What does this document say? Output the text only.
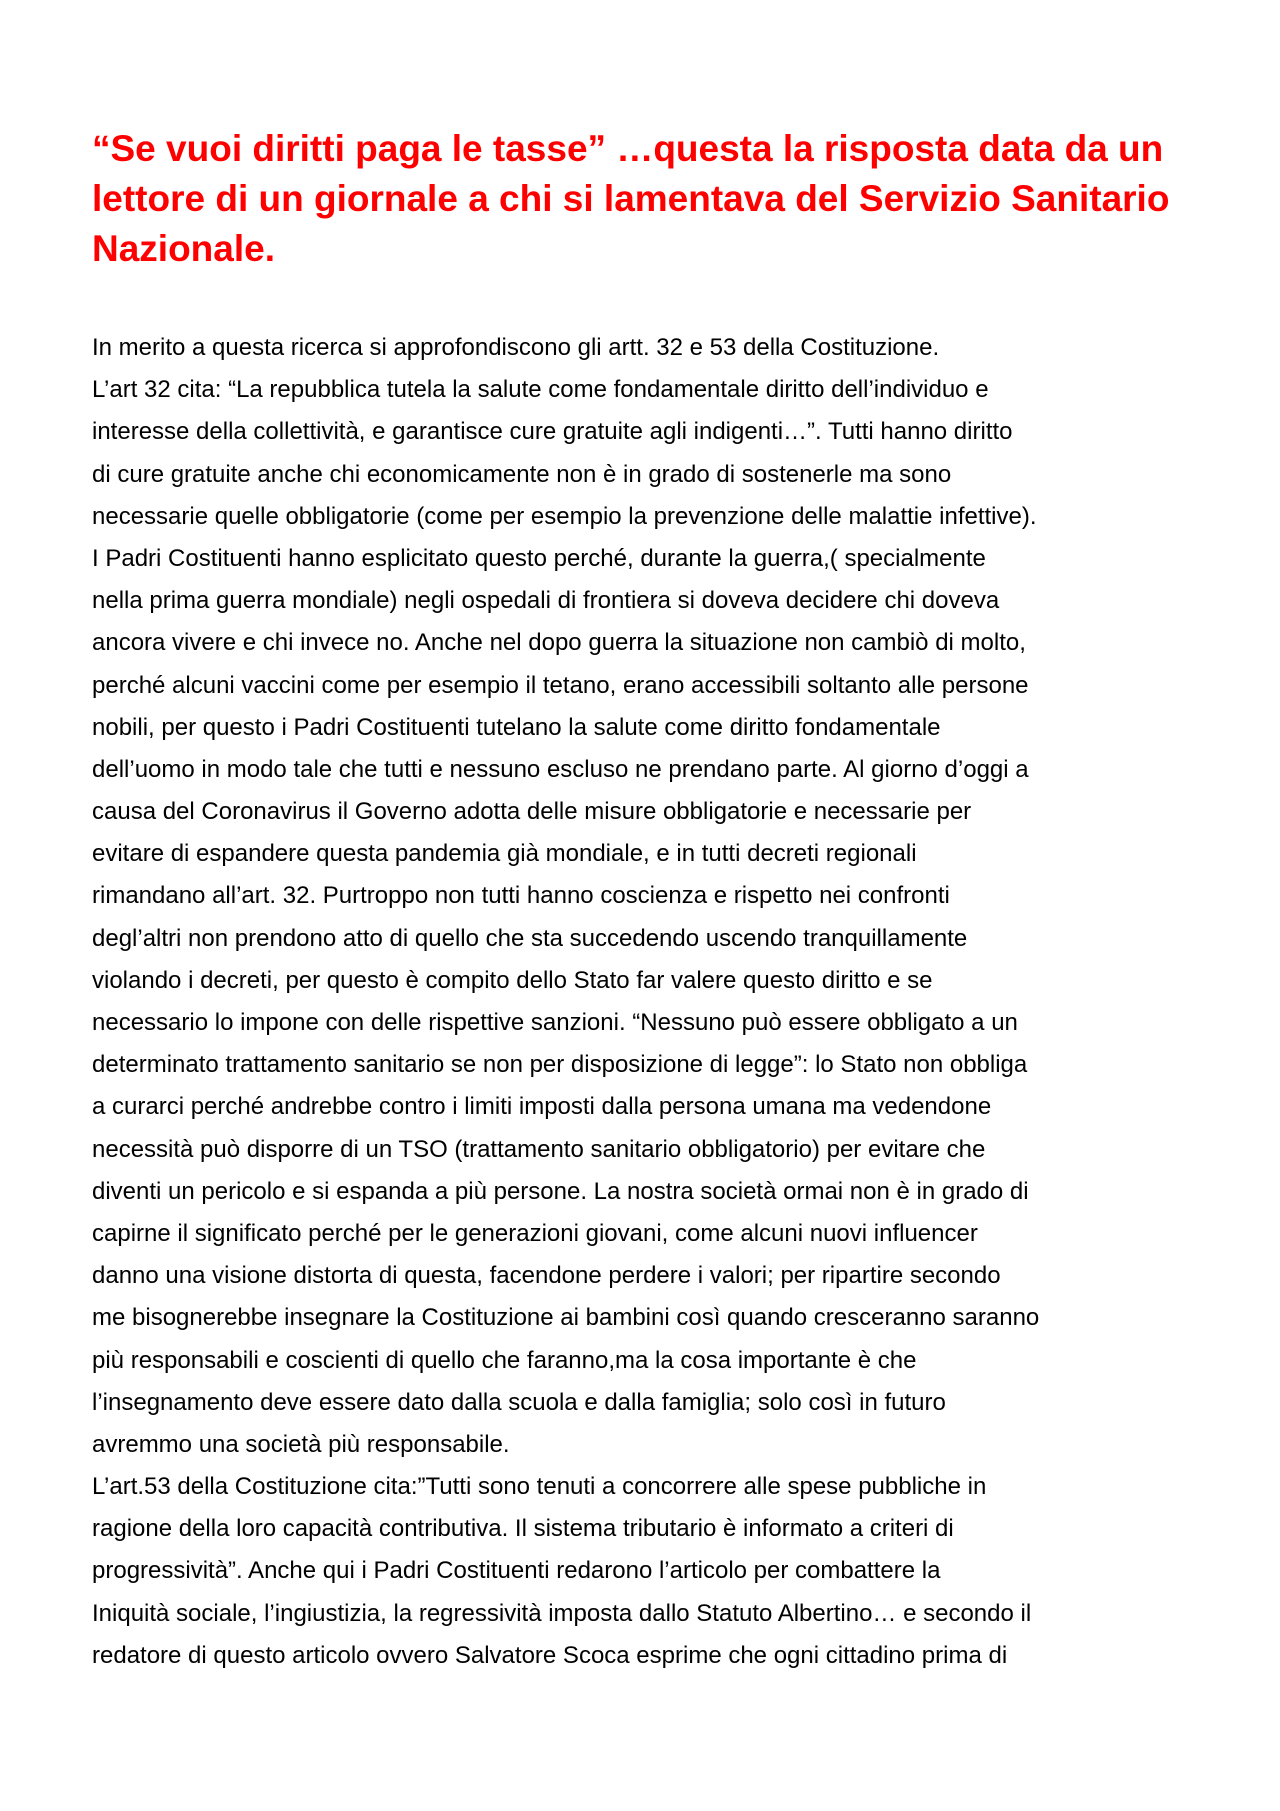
“Se vuoi diritti paga le tasse” …questa la risposta data da un
lettore di un giornale a chi si lamentava del Servizio Sanitario
Nazionale.
In merito a questa ricerca si approfondiscono gli artt. 32 e 53 della Costituzione.
L’art 32 cita: “La repubblica tutela la salute come fondamentale diritto dell’individuo e
interesse della collettività, e garantisce cure gratuite agli indigenti…”. Tutti hanno diritto
di cure gratuite anche chi economicamente non è in grado di sostenerle ma sono
necessarie quelle obbligatorie (come per esempio la prevenzione delle malattie infettive).
I Padri Costituenti hanno esplicitato questo perché, durante la guerra,( specialmente
nella prima guerra mondiale) negli ospedali di frontiera si doveva decidere chi doveva
ancora vivere e chi invece no. Anche nel dopo guerra la situazione non cambiò di molto,
perché alcuni vaccini come per esempio il tetano, erano accessibili soltanto alle persone
nobili, per questo i Padri Costituenti tutelano la salute come diritto fondamentale
dell’uomo in modo tale che tutti e nessuno escluso ne prendano parte. Al giorno d’oggi a
causa del Coronavirus il Governo adotta delle misure obbligatorie e necessarie per
evitare di espandere questa pandemia già mondiale, e in tutti decreti regionali
rimandano all’art. 32. Purtroppo non tutti hanno coscienza e rispetto nei confronti
degl’altri non prendono atto di quello che sta succedendo uscendo tranquillamente
violando i decreti, per questo è compito dello Stato far valere questo diritto e se
necessario lo impone con delle rispettive sanzioni. “Nessuno può essere obbligato a un
determinato trattamento sanitario se non per disposizione di legge”: lo Stato non obbliga
a curarci perché andrebbe contro i limiti imposti dalla persona umana ma vedendone
necessità può disporre di un TSO (trattamento sanitario obbligatorio) per evitare che
diventi un pericolo e si espanda a più persone. La nostra società ormai non è in grado di
capirne il significato perché per le generazioni giovani, come alcuni nuovi influencer
danno una visione distorta di questa, facendone perdere i valori; per ripartire secondo
me bisognerebbe insegnare la Costituzione ai bambini così quando cresceranno saranno
più responsabili e coscienti di quello che faranno,ma la cosa importante è che
l’insegnamento deve essere dato dalla scuola e dalla famiglia; solo così in futuro
avremmo una società più responsabile.
L’art.53 della Costituzione cita:”Tutti sono tenuti a concorrere alle spese pubbliche in
ragione della loro capacità contributiva. Il sistema tributario è informato a criteri di
progressività”. Anche qui i Padri Costituenti redarono l’articolo per combattere la
Iniquità sociale, l’ingiustizia, la regressività imposta dallo Statuto Albertino… e secondo il
redatore di questo articolo ovvero Salvatore Scoca esprime che ogni cittadino prima di
